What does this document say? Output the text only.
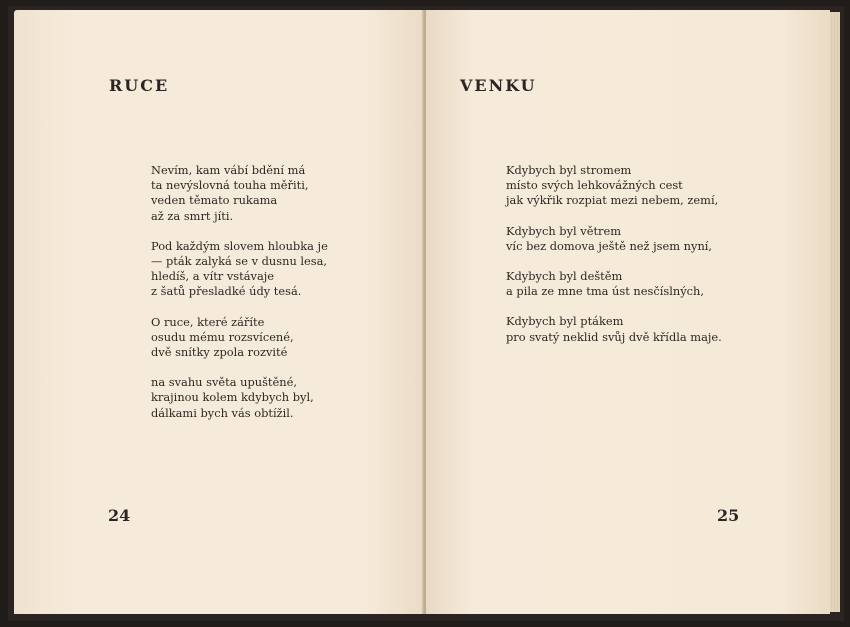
RUCE
Nevím, kam vábí bdění má
ta nevýslovná touha měřiti,
veden těmato rukama
až za smrt jíti.
Pod každým slovem hloubka je
— pták zalyká se v dusnu lesa,
hledíš, a vítr vstávaje
z šatů přesladké údy tesá.
O ruce, které záříte
osudu mému rozsvícené,
dvě snítky zpola rozvité
na svahu světa upuštěné,
krajinou kolem kdybych byl,
dálkami bych vás obtížil.
24
VENKU
Kdybych byl stromem
místo svých lehkovážných cest
jak výkřik rozpiat mezi nebem, zemí,
Kdybych byl větrem
víc bez domova ještě než jsem nyní,
Kdybych byl deštěm
a pila ze mne tma úst nesčíslných,
Kdybych byl ptákem
pro svatý neklid svůj dvě křídla maje.
25
